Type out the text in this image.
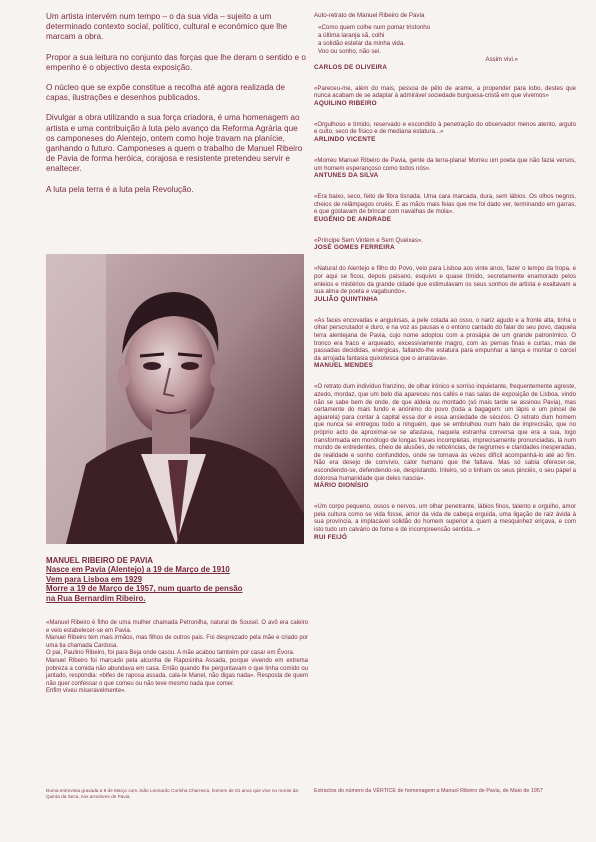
Um artista intervém num tempo – o da sua vida – sujeito a um determinado contexto social, político, cultural e económico que lhe marcam a obra.

Propor a sua leitura no conjunto das forças que lhe deram o sentido e o empenho é o objectivo desta exposição.

O núcleo que se expõe constitue a recolha até agora realizada de capas, ilustrações e desenhos publicados.

Divulgar a obra utilizando a sua força criadora, é uma homenagem ao artista e uma contribuição à luta pelo avanço da Reforma Agrária que os camponeses do Alentejo, ontem como hoje travam na planície, ganhando o futuro. Camponeses a quem o trabalho de Manuel Ribeiro de Pavia de forma heróica, corajosa e resistente pretendeu servir e enaltecer.

A luta pela terra é a luta pela Revolução.

MANUEL RIBEIRO DE PAVIA
Nasce em Pavia (Alentejo) a 19 de Março de 1910
Vem para Lisboa em 1929
Morre a 19 de Março de 1957, num quarto de pensão
na Rua Bernardim Ribeiro.
«Manuel Ribeiro é filho de uma mulher chamada Petronilha, natural de Sousel. O avô era caleiro e veio estabelecer-se em Pavia.
Manuel Ribeiro tem mais irmãos, mas filhos de outros pais. Foi desprezado pela mãe e criado por uma tia chamada Cardosa.
O pai, Paulino Ribeiro, foi para Beja onde casou. A mãe acabou também por casar em Évora.
Manuel Ribeiro foi marcado pela alcunha de Raposinha Assada, porque vivendo em extrema pobreza a comida não abundava em casa. Então quando lhe perguntavam o que tinha comido ou jantado, respondia: «bifes de raposa assada, cala-te Manel, não digas nada». Resposta de quem não quer confessar o que comeu ou não teve mesmo nada que comer.
Enfim viveu miseravelmente».
Duma entrevista gravada a 9 de Março com João Leonardo Corinha Charneca, homem de 81 anos que vive no monte da Quinta da Seca, nos arredores de Pavia.
Auto-retrato de Manuel Ribeiro de Pavia
«Como quem colhe num pomar tristonho
a última laranja sã, colhi
a solidão estelar da minha vida.
Voo ou sonho, não sei.
Assim vivi.»
CARLOS DE OLIVEIRA
«Pareceu-me, além do mais, pessoa de pêlo de arame, a propender para lobo, destes que nunca acabam de se adaptar à admirável sociedade burguesa-cristã em que vivemos»
AQUILINO RIBEIRO
«Orgulhoso e tímido, reservado e escondido à penetração do observador menos atento, arguto e culto, seco de físico e de mediana estatura...»
ARLINDO VICENTE
«Morreu Manuel Ribeiro de Pavia, gente da terra-plana! Morreu um poeta que não fazia versos, um homem esperançoso como todos nós».
ANTUNES DA SILVA
«Era baixo, seco, feito de fibra tisnada. Uma cara marcada, dura, sem lábios. Os olhos negros, cheios de relâmpagos cruéis. E as mãos mais feias que me foi dado ver, terminando em garras, e que gostavam de brincar com navalhas de mola».
EUGÉNIO DE ANDRADE
«Príncipe Sem Vintém e Sem Queixas».
JOSÉ GOMES FERREIRA
«Natural do Alentejo e filho do Povo, veio para Lisboa aos vinte anos, fazer o tempo da tropa, e por aqui se ficou, depois paisano, esquivo e quase tímido, secretamente enamorado pelos enleios e mistérios da grande cidade que estimulavam os seus sonhos de artista e exaltavam a sua alma de poeta e vagabundo».
JULIÃO QUINTINHA
«As faces encovadas e angulosas, a pele colada ao osso, o nariz agudo e a fronte alta, tinha o olhar perscrutador e duro, e na voz as pausas e o entono cantado do falar do seu povo, daquela terra alentejana de Pavia, cujo nome adoptou com a prosápia de um grande patronímico. O tronco era fraco e arqueado, excessivamente magro, com as pernas finas e curtas, mas de passadas decididas, enérgicas, faltando-lhe estatura para empunhar a lança e montar o corcel da arrojada fantasia quixotesca que o arrastava».
MANUEL MENDES
«O retrato dum indivíduo franzino, de olhar irónico e sorriso inquietante, frequentemente agreste, azedo, mordaz, que um belo dia apareceu nos cafés e nas salas de exposição de Lisboa, vindo não se sabe bem de onde, de que aldeia ou montado (só mais tarde se assinou Pavia), mas certamente do mais fundo e anónimo do povo (toda a bagagem: um lápis e um pincel de aguarela) para contar à capital essa dor e essa ansiedade de séculos. O retrato dum homem que nunca se entregou todo a ninguém, que se embrulhou num halo de imprecisão, que no próprio acto de aproximar-se se afastava, naquela estranha conversa que era a sua, logo transformada em monólogo de longas frases incompletas, imprecisamente pronunciadas, lá num mundo de entredentes, cheio de alusões, de reticências, de negrumes e claridades inesperadas, de realidade e sonho confundidos, onde se tornava às vezes difícil acompanhá-lo até ao fim. Não era desejo de convívio, calor humano que lhe faltava. Mas só sabia oferecer-se, escondendo-se, defendendo-se, despistando. Inteiro, só o tinham os seus pincéis, o seu papel a dolorosa humanidade que deles nascia».
MÁRIO DIONÍSIO
«Um corpo pequeno, ossos e nervos, um olhar penetrante, lábios finos, talento e orgulho, amor pela cultura como se vida fosse, amor da vida de cabeça erguida, uma ligação de raiz ávida à sua província, a implacável solidão do homem superior a quem a mesquinhez eriçava, e com isto tudo um calvário de fome e de incompreensão sentida...»
RUI FEIJÓ
Extractos do número da VÉRTICE de homenagem a Manuel Ribeiro de Pavia, de Maio de 1957
